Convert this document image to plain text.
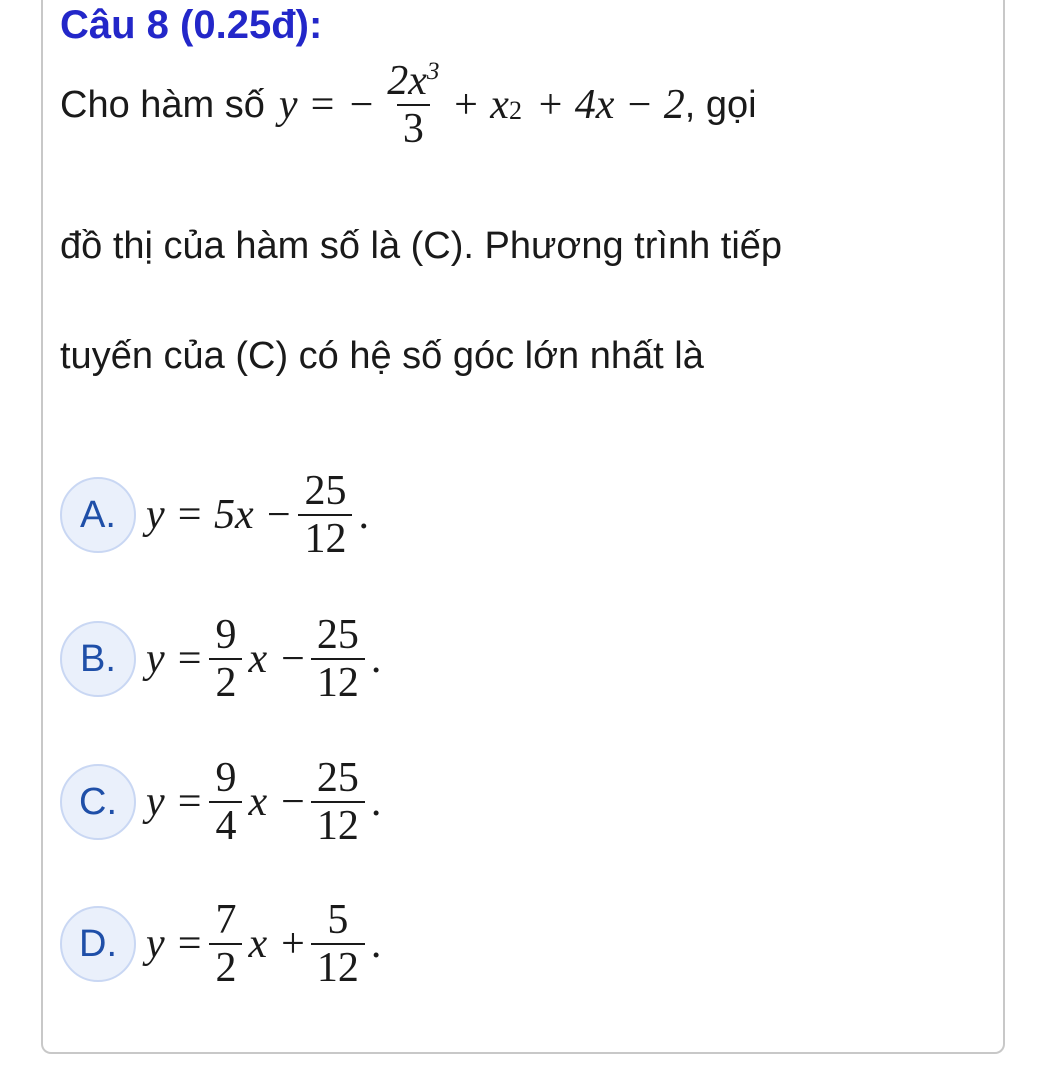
Câu 8 (0.25đ):
Cho hàm số y = − $\frac{2x^3}{3} + x$ 2 + 4x − 2 , gọi
đồ thị của hàm số là (C). Phương trình tiếp
tuyến của (C) có hệ số góc lớn nhất là
A. $y = 5x - \frac{25}{12}$ .
B. $y = \frac{9}{2}$ $x - \frac{25}{12}$ .
C. $y = \frac{9}{4}$ $x - \frac{25}{12}$ .
D. $y = \frac{7}{2}$ $x + \frac{5}{12}$ .
